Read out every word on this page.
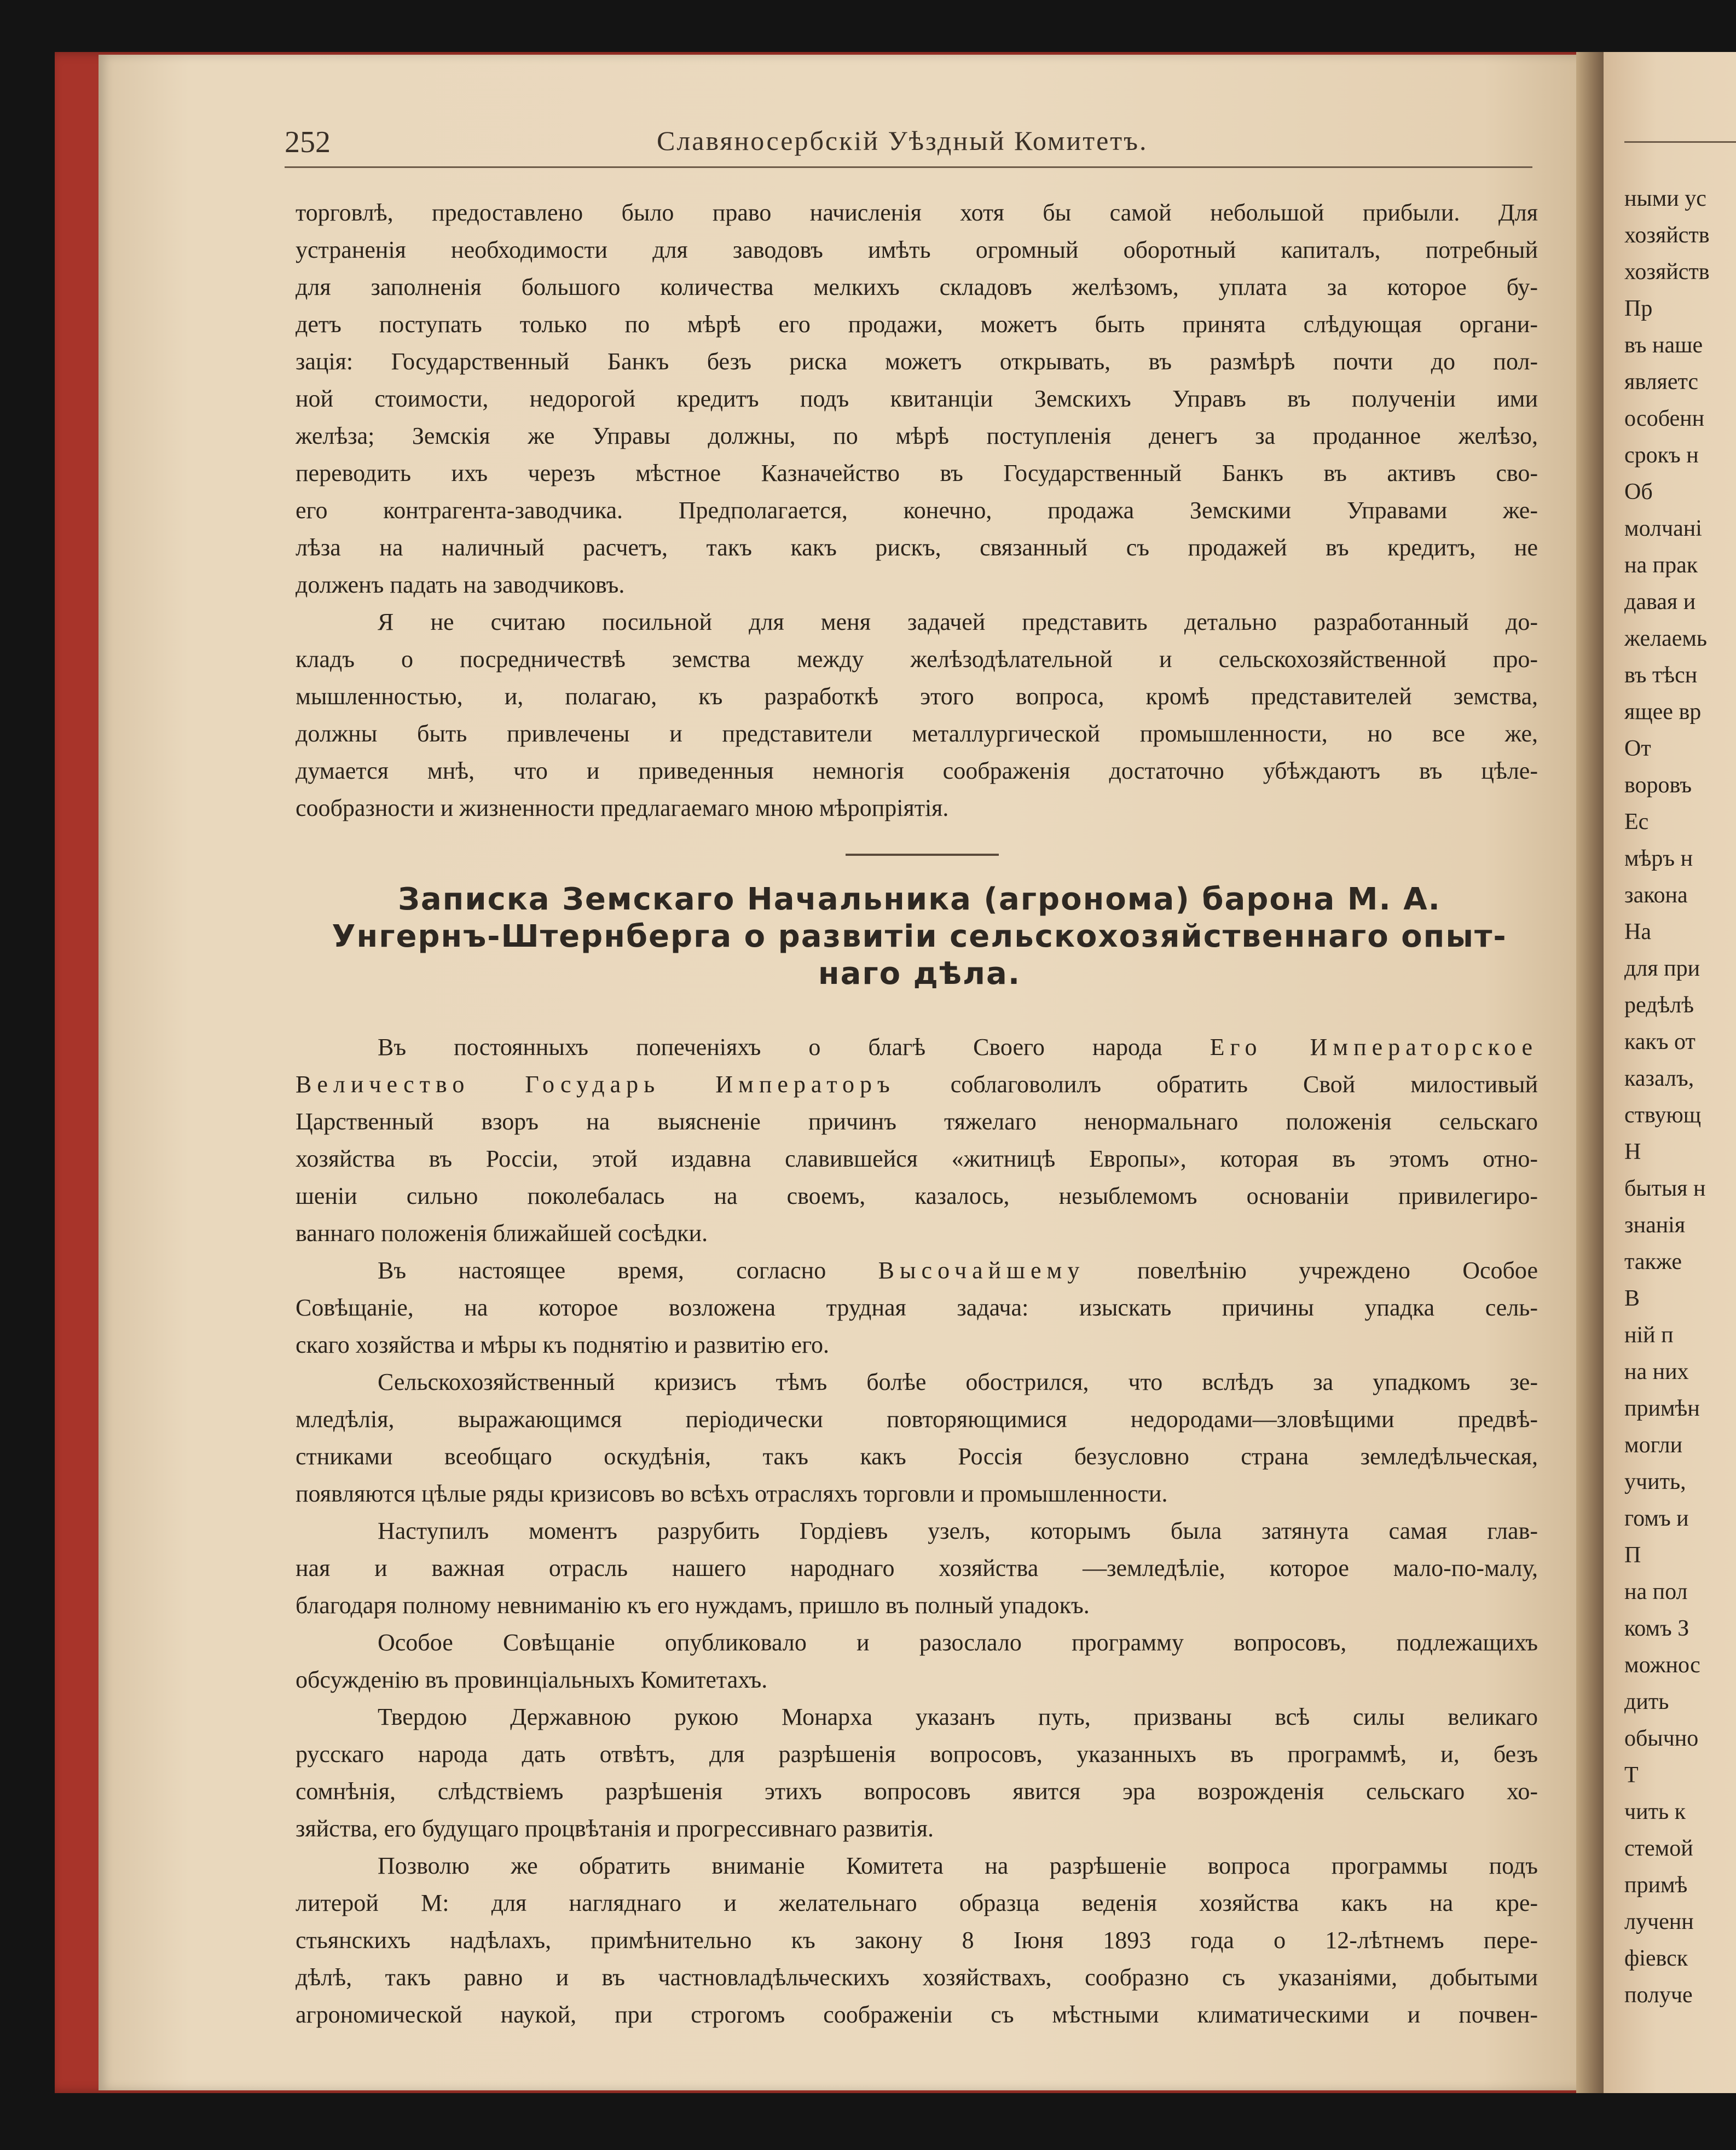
252	Славяносербскій Уѣздный Комитетъ.
торговлѣ, предоставлено было право начисленія хотя бы самой небольшой прибыли. Для
устраненія необходимости для заводовъ имѣть огромный оборотный капиталъ, потребный
для заполненія большого количества мелкихъ складовъ желѣзомъ, уплата за которое бу-
детъ поступать только по мѣрѣ его продажи, можетъ быть принята слѣдующая органи-
зація: Государственный Банкъ безъ риска можетъ открывать, въ размѣрѣ почти до пол-
ной стоимости, недорогой кредитъ подъ квитанціи Земскихъ Управъ въ полученіи ими
желѣза; Земскія же Управы должны, по мѣрѣ поступленія денегъ за проданное желѣзо,
переводить ихъ черезъ мѣстное Казначейство въ Государственный Банкъ въ активъ сво-
его контрагента-заводчика. Предполагается, конечно, продажа Земскими Управами же-
лѣза на наличный расчетъ, такъ какъ рискъ, связанный съ продажей въ кредитъ, не
долженъ падать на заводчиковъ.
Я не считаю посильной для меня задачей представить детально разработанный до-
кладъ о посредничествѣ земства между желѣзодѣлательной и сельскохозяйственной про-
мышленностью, и, полагаю, къ разработкѣ этого вопроса, кромѣ представителей земства,
должны быть привлечены и представители металлургической промышленности, но все же,
думается мнѣ, что и приведенныя немногія соображенія достаточно убѣждаютъ въ цѣле-
сообразности и жизненности предлагаемаго мною мѣропріятія.
Записка Земскаго Начальника (агронома) барона М. А.
Унгернъ-Штернберга о развитіи сельскохозяйственнаго опыт-
наго дѣла.
Въ постоянныхъ попеченіяхъ о благѣ Своего народа Его Императорское
Величество Государь Императоръ соблаговолилъ обратить Свой милостивый
Царственный взоръ на выясненіе причинъ тяжелаго ненормальнаго положенія сельскаго
хозяйства въ Россіи, этой издавна славившейся «житницѣ Европы», которая въ этомъ отно-
шеніи сильно поколебалась на своемъ, казалось, незыблемомъ основаніи привилегиро-
ваннаго положенія ближайшей сосѣдки.
Въ настоящее время, согласно Высочайшему повелѣнію учреждено Особое
Совѣщаніе, на которое возложена трудная задача: изыскать причины упадка сель-
скаго хозяйства и мѣры къ поднятію и развитію его.
Сельскохозяйственный кризисъ тѣмъ болѣе обострился, что вслѣдъ за упадкомъ зе-
мледѣлія, выражающимся періодически повторяющимися недородами—зловѣщими предвѣ-
стниками всеобщаго оскудѣнія, такъ какъ Россія безусловно страна земледѣльческая,
появляются цѣлые ряды кризисовъ во всѣхъ отрасляхъ торговли и промышленности.
Наступилъ моментъ разрубить Гордіевъ узелъ, которымъ была затянута самая глав-
ная и важная отрасль нашего народнаго хозяйства —земледѣліе, которое мало-по-малу,
благодаря полному невниманію къ его нуждамъ, пришло въ полный упадокъ.
Особое Совѣщаніе опубликовало и разослало программу вопросовъ, подлежащихъ
обсужденію въ провинціальныхъ Комитетахъ.
Твердою Державною рукою Монарха указанъ путь, призваны всѣ силы великаго
русскаго народа дать отвѣтъ, для разрѣшенія вопросовъ, указанныхъ въ программѣ, и, безъ
сомнѣнія, слѣдствіемъ разрѣшенія этихъ вопросовъ явится эра возрожденія сельскаго хо-
зяйства, его будущаго процвѣтанія и прогрессивнаго развитія.
Позволю же обратить вниманіе Комитета на разрѣшеніе вопроса программы подъ
литерой М: для нагляднаго и желательнаго образца веденія хозяйства какъ на кре-
стьянскихъ надѣлахъ, примѣнительно къ закону 8 Іюня 1893 года о 12-лѣтнемъ пере-
дѣлѣ, такъ равно и въ частновладѣльческихъ хозяйствахъ, сообразно съ указаніями, добытыми
агрономической наукой, при строгомъ соображеніи съ мѣстными климатическими и почвен-
ными ус
хозяйств
хозяйств
Пр
въ наше
являетс
особенн
срокъ н
Об
молчані
на прак
давая и
желаемь
въ тѣсн
ящее вр
От
воровъ
Ес
мѣръ н
закона
На
для при
редѣлѣ
какъ от
казалъ,
ствующ
Н
бытыя н
знанія
также
В
ній п
на них
примѣн
могли
учить,
гомъ и
П
на пол
комъ З
можнос
дить
обычно
Т
чить к
стемой
примѣ
лученн
фіевск
получе
